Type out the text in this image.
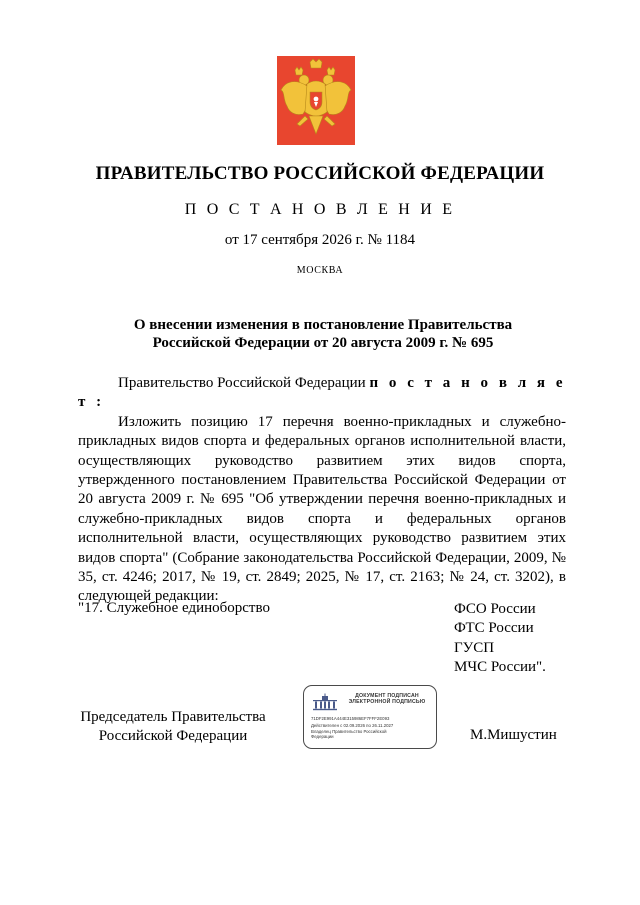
ПРАВИТЕЛЬСТВО РОССИЙСКОЙ ФЕДЕРАЦИИ
П О С Т А Н О В Л Е Н И Е
от 17 сентября 2026 г. № 1184
МОСКВА
О внесении изменения в постановление Правительства
Российской Федерации от 20 августа 2009 г. № 695

Правительство Российской Федерации п о с т а н о в л я е т :

Изложить позицию 17 перечня военно-прикладных и служебно-прикладных видов спорта и федеральных органов исполнительной власти, осуществляющих руководство развитием этих видов спорта, утвержденного постановлением Правительства Российской Федерации от 20 августа 2009 г. № 695 "Об утверждении перечня военно-прикладных и служебно-прикладных видов спорта и федеральных органов исполнительной власти, осуществляющих руководство развитием этих видов спорта" (Собрание законодательства Российской Федерации, 2009, № 35, ст. 4246; 2017, № 19, ст. 2849; 2025, № 17, ст. 2163; № 24, ст. 3202), в следующей редакции:

"17. Служебное единоборство	ФСО России
ФТС России
ГУСП
МЧС России".
Председатель Правительства
Российской Федерации
ДОКУМЕНТ ПОДПИСАН
ЭЛЕКТРОННОЙ ПОДПИСЬЮ
71DF2E991A444E315986EF7FFF2E093
Действителен с 02.09.2026 по 26.11.2027
Владелец Правительство Российской
Федерации	М.Мишустин
